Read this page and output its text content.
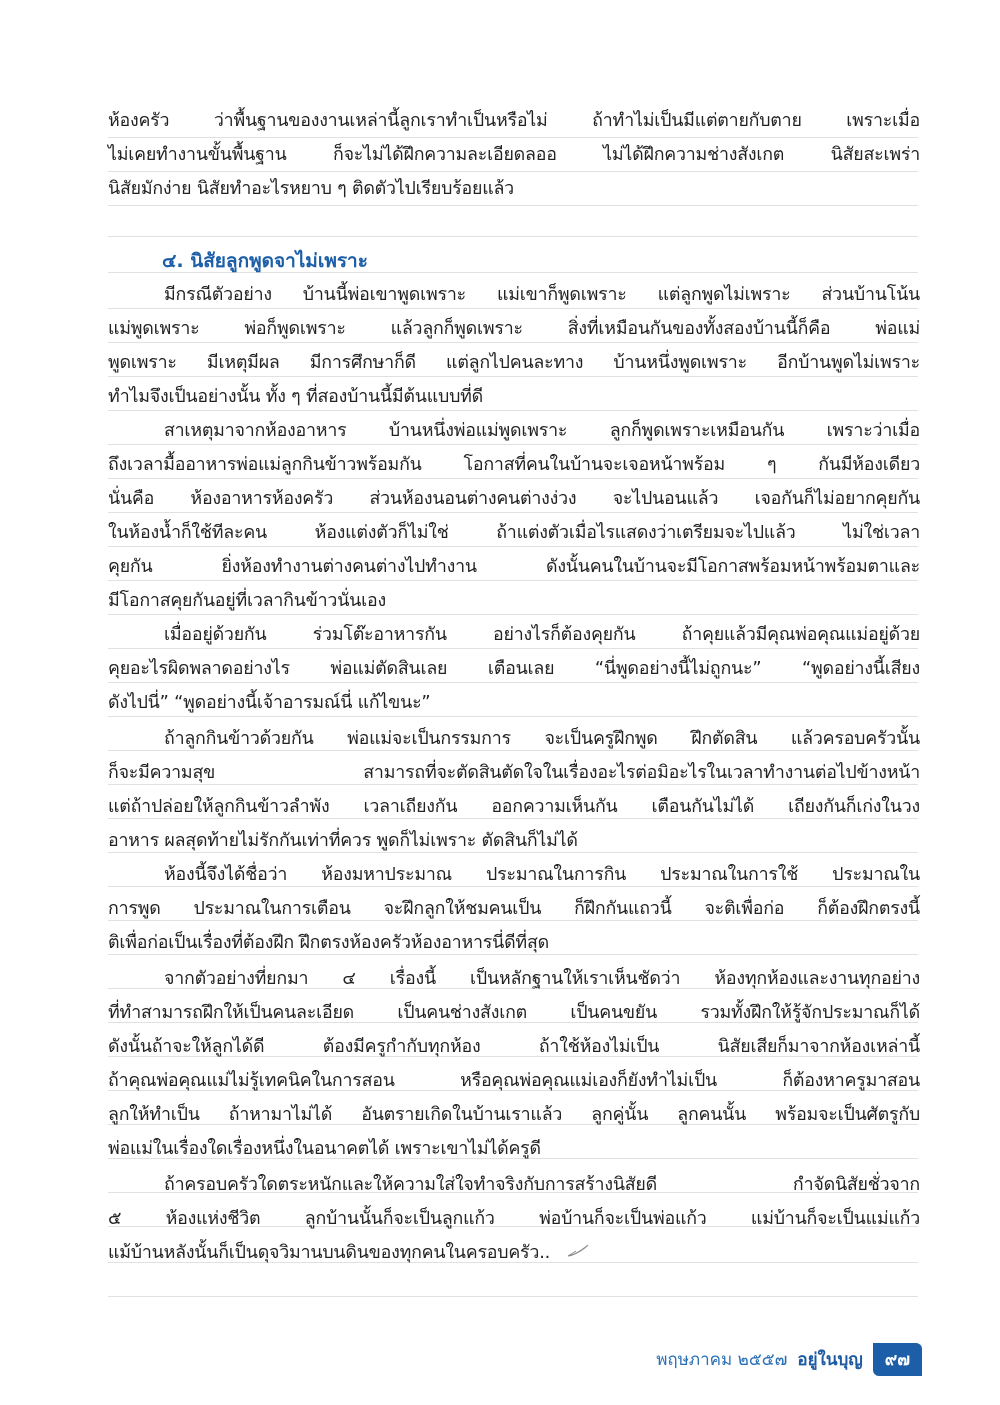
ห้องครัว ว่าพื้นฐานของงานเหล่านี้ลูกเราทำเป็นหรือไม่ ถ้าทำไม่เป็นมีแต่ตายกับตาย เพราะเมื่อ
ไม่เคยทำงานขั้นพื้นฐาน ก็จะไม่ได้ฝึกความละเอียดลออ ไม่ได้ฝึกความช่างสังเกต นิสัยสะเพร่า
นิสัยมักง่าย นิสัยทำอะไรหยาบ ๆ ติดตัวไปเรียบร้อยแล้ว
๔. นิสัยลูกพูดจาไม่เพราะ
มีกรณีตัวอย่าง บ้านนี้พ่อเขาพูดเพราะ แม่เขาก็พูดเพราะ แต่ลูกพูดไม่เพราะ ส่วนบ้านโน้น
แม่พูดเพราะ พ่อก็พูดเพราะ แล้วลูกก็พูดเพราะ สิ่งที่เหมือนกันของทั้งสองบ้านนี้ก็คือ พ่อแม่
พูดเพราะ มีเหตุมีผล มีการศึกษาก็ดี แต่ลูกไปคนละทาง บ้านหนึ่งพูดเพราะ อีกบ้านพูดไม่เพราะ
ทำไมจึงเป็นอย่างนั้น ทั้ง ๆ ที่สองบ้านนี้มีต้นแบบที่ดี
สาเหตุมาจากห้องอาหาร บ้านหนึ่งพ่อแม่พูดเพราะ ลูกก็พูดเพราะเหมือนกัน เพราะว่าเมื่อ
ถึงเวลามื้ออาหารพ่อแม่ลูกกินข้าวพร้อมกัน โอกาสที่คนในบ้านจะเจอหน้าพร้อม ๆ กันมีห้องเดียว
นั่นคือ ห้องอาหารห้องครัว ส่วนห้องนอนต่างคนต่างง่วง จะไปนอนแล้ว เจอกันก็ไม่อยากคุยกัน
ในห้องน้ำก็ใช้ทีละคน ห้องแต่งตัวก็ไม่ใช่ ถ้าแต่งตัวเมื่อไรแสดงว่าเตรียมจะไปแล้ว ไม่ใช่เวลา
คุยกัน ยิ่งห้องทำงานต่างคนต่างไปทำงาน ดังนั้นคนในบ้านจะมีโอกาสพร้อมหน้าพร้อมตาและ
มีโอกาสคุยกันอยู่ที่เวลากินข้าวนั่นเอง
เมื่ออยู่ด้วยกัน ร่วมโต๊ะอาหารกัน อย่างไรก็ต้องคุยกัน ถ้าคุยแล้วมีคุณพ่อคุณแม่อยู่ด้วย
คุยอะไรผิดพลาดอย่างไร พ่อแม่ตัดสินเลย เตือนเลย “นี่พูดอย่างนี้ไม่ถูกนะ” “พูดอย่างนี้เสียง
ดังไปนี่” “พูดอย่างนี้เจ้าอารมณ์นี่ แก้ไขนะ”
ถ้าลูกกินข้าวด้วยกัน พ่อแม่จะเป็นกรรมการ จะเป็นครูฝึกพูด ฝึกตัดสิน แล้วครอบครัวนั้น
ก็จะมีความสุข สามารถที่จะตัดสินตัดใจในเรื่องอะไรต่อมิอะไรในเวลาทำงานต่อไปข้างหน้า
แต่ถ้าปล่อยให้ลูกกินข้าวลำพัง เวลาเถียงกัน ออกความเห็นกัน เตือนกันไม่ได้ เถียงกันก็เก่งในวง
อาหาร ผลสุดท้ายไม่รักกันเท่าที่ควร พูดก็ไม่เพราะ ตัดสินก็ไม่ได้
ห้องนี้จึงได้ชื่อว่า ห้องมหาประมาณ ประมาณในการกิน ประมาณในการใช้ ประมาณใน
การพูด ประมาณในการเตือน จะฝึกลูกให้ชมคนเป็น ก็ฝึกกันแถวนี้ จะติเพื่อก่อ ก็ต้องฝึกตรงนี้
ติเพื่อก่อเป็นเรื่องที่ต้องฝึก ฝึกตรงห้องครัวห้องอาหารนี่ดีที่สุด
จากตัวอย่างที่ยกมา ๔ เรื่องนี้ เป็นหลักฐานให้เราเห็นชัดว่า ห้องทุกห้องและงานทุกอย่าง
ที่ทำสามารถฝึกให้เป็นคนละเอียด เป็นคนช่างสังเกต เป็นคนขยัน รวมทั้งฝึกให้รู้จักประมาณก็ได้
ดังนั้นถ้าจะให้ลูกได้ดี ต้องมีครูกำกับทุกห้อง ถ้าใช้ห้องไม่เป็น นิสัยเสียก็มาจากห้องเหล่านี้
ถ้าคุณพ่อคุณแม่ไม่รู้เทคนิคในการสอน หรือคุณพ่อคุณแม่เองก็ยังทำไม่เป็น ก็ต้องหาครูมาสอน
ลูกให้ทำเป็น ถ้าหามาไม่ได้ อันตรายเกิดในบ้านเราแล้ว ลูกคู่นั้น ลูกคนนั้น พร้อมจะเป็นศัตรูกับ
พ่อแม่ในเรื่องใดเรื่องหนึ่งในอนาคตได้ เพราะเขาไม่ได้ครูดี
ถ้าครอบครัวใดตระหนักและให้ความใส่ใจทำจริงกับการสร้างนิสัยดี กำจัดนิสัยชั่วจาก
๕ ห้องแห่งชีวิต ลูกบ้านนั้นก็จะเป็นลูกแก้ว พ่อบ้านก็จะเป็นพ่อแก้ว แม่บ้านก็จะเป็นแม่แก้ว
แม้บ้านหลังนั้นก็เป็นดุจวิมานบนดินของทุกคนในครอบครัว..
พฤษภาคม ๒๕๕๗ อยู่ในบุญ	๙๗
